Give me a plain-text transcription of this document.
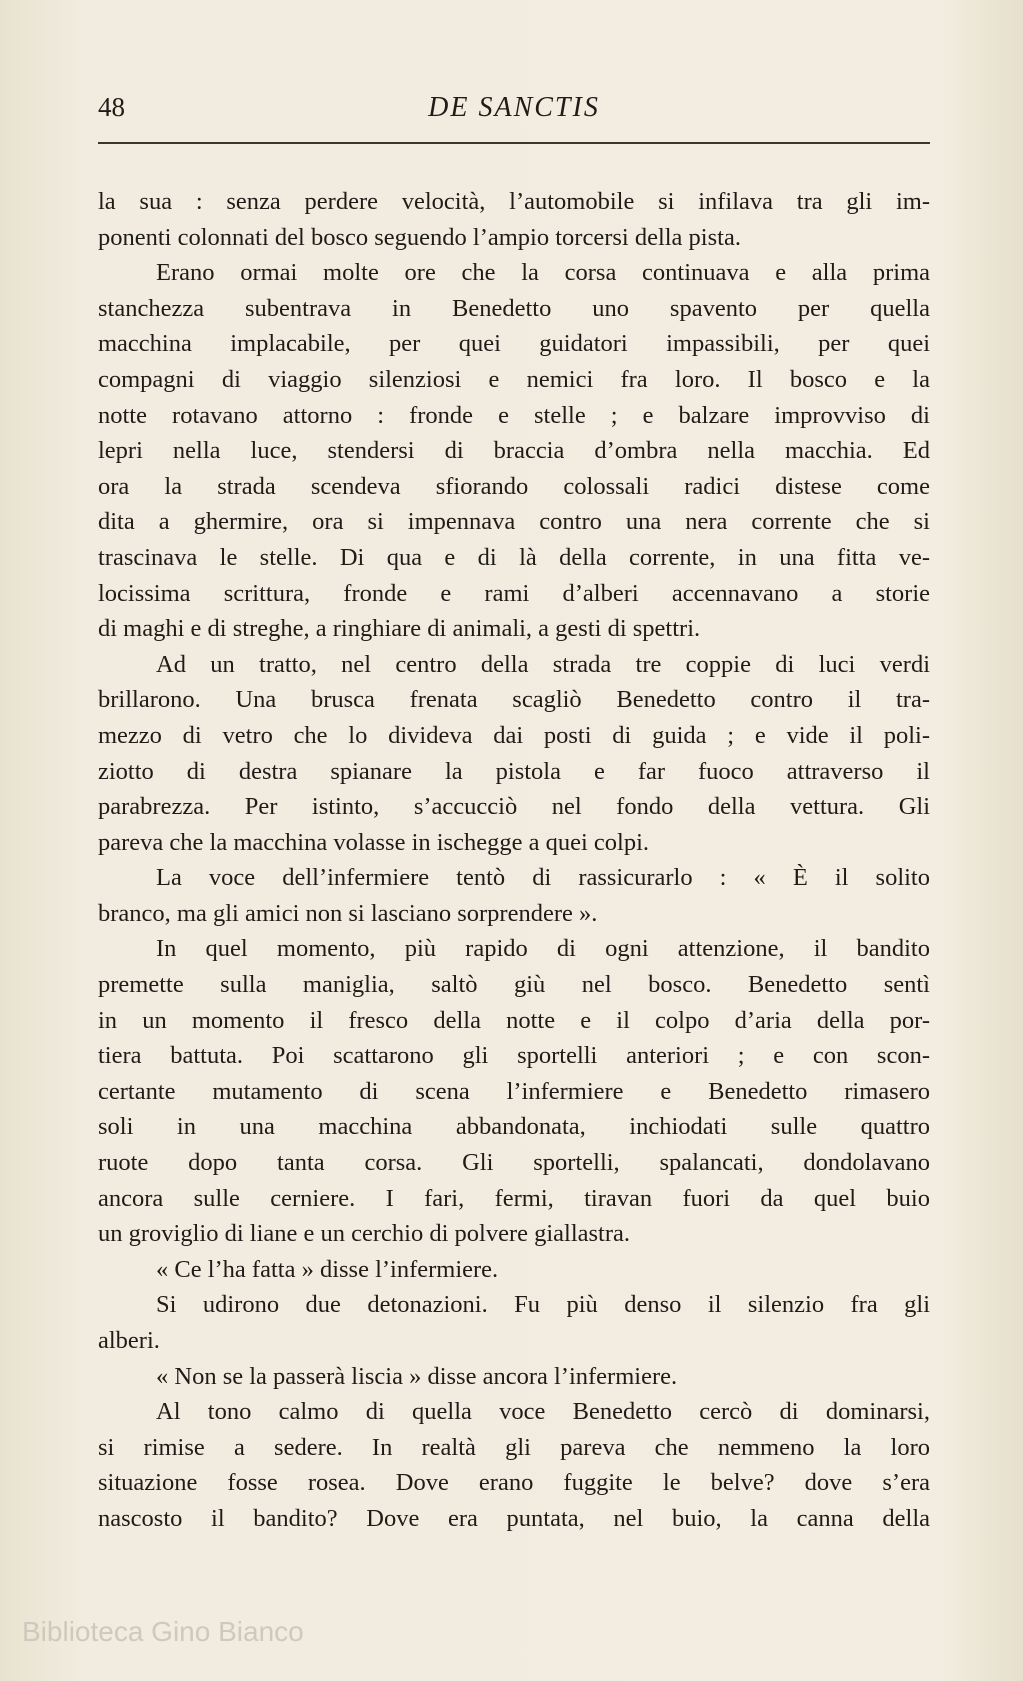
48	DE SANCTIS
la sua : senza perdere velocità, l’automobile si infilava tra gli im-
ponenti colonnati del bosco seguendo l’ampio torcersi della pista.
Erano ormai molte ore che la corsa continuava e alla prima
stanchezza subentrava in Benedetto uno spavento per quella
macchina implacabile, per quei guidatori impassibili, per quei
compagni di viaggio silenziosi e nemici fra loro. Il bosco e la
notte rotavano attorno : fronde e stelle ; e balzare improvviso di
lepri nella luce, stendersi di braccia d’ombra nella macchia. Ed
ora la strada scendeva sfiorando colossali radici distese come
dita a ghermire, ora si impennava contro una nera corrente che si
trascinava le stelle. Di qua e di là della corrente, in una fitta ve-
locissima scrittura, fronde e rami d’alberi accennavano a storie
di maghi e di streghe, a ringhiare di animali, a gesti di spettri.
Ad un tratto, nel centro della strada tre coppie di luci verdi
brillarono. Una brusca frenata scagliò Benedetto contro il tra-
mezzo di vetro che lo divideva dai posti di guida ; e vide il poli-
ziotto di destra spianare la pistola e far fuoco attraverso il
parabrezza. Per istinto, s’accucciò nel fondo della vettura. Gli
pareva che la macchina volasse in ischegge a quei colpi.
La voce dell’infermiere tentò di rassicurarlo : « È il solito
branco, ma gli amici non si lasciano sorprendere ».
In quel momento, più rapido di ogni attenzione, il bandito
premette sulla maniglia, saltò giù nel bosco. Benedetto sentì
in un momento il fresco della notte e il colpo d’aria della por-
tiera battuta. Poi scattarono gli sportelli anteriori ; e con scon-
certante mutamento di scena l’infermiere e Benedetto rimasero
soli in una macchina abbandonata, inchiodati sulle quattro
ruote dopo tanta corsa. Gli sportelli, spalancati, dondolavano
ancora sulle cerniere. I fari, fermi, tiravan fuori da quel buio
un groviglio di liane e un cerchio di polvere giallastra.
« Ce l’ha fatta » disse l’infermiere.
Si udirono due detonazioni. Fu più denso il silenzio fra gli
alberi.
« Non se la passerà liscia » disse ancora l’infermiere.
Al tono calmo di quella voce Benedetto cercò di dominarsi,
si rimise a sedere. In realtà gli pareva che nemmeno la loro
situazione fosse rosea. Dove erano fuggite le belve? dove s’era
nascosto il bandito? Dove era puntata, nel buio, la canna della
Biblioteca Gino Bianco
